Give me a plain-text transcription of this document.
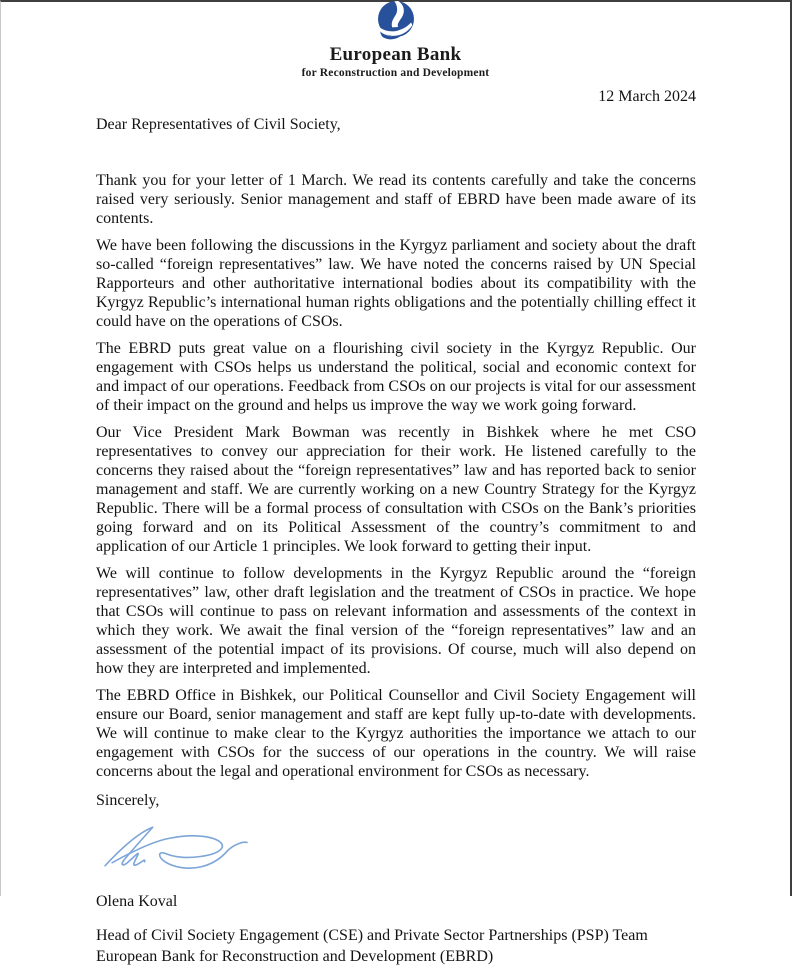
European Bank
for Reconstruction and Development
12 March 2024
Dear Representatives of Civil Society,

Thank you for your letter of 1 March. We read its contents carefully and take the concerns raised very seriously. Senior management and staff of EBRD have been made aware of its contents.

We have been following the discussions in the Kyrgyz parliament and society about the draft so-called “foreign representatives” law. We have noted the concerns raised by UN Special Rapporteurs and other authoritative international bodies about its compatibility with the Kyrgyz Republic’s international human rights obligations and the potentially chilling effect it could have on the operations of CSOs.

The EBRD puts great value on a flourishing civil society in the Kyrgyz Republic. Our engagement with CSOs helps us understand the political, social and economic context for and impact of our operations. Feedback from CSOs on our projects is vital for our assessment of their impact on the ground and helps us improve the way we work going forward.

Our Vice President Mark Bowman was recently in Bishkek where he met CSO representatives to convey our appreciation for their work. He listened carefully to the concerns they raised about the “foreign representatives” law and has reported back to senior management and staff. We are currently working on a new Country Strategy for the Kyrgyz Republic. There will be a formal process of consultation with CSOs on the Bank’s priorities going forward and on its Political Assessment of the country’s commitment to and application of our Article 1 principles. We look forward to getting their input.

We will continue to follow developments in the Kyrgyz Republic around the “foreign representatives” law, other draft legislation and the treatment of CSOs in practice. We hope that CSOs will continue to pass on relevant information and assessments of the context in which they work. We await the final version of the “foreign representatives” law and an assessment of the potential impact of its provisions. Of course, much will also depend on how they are interpreted and implemented.

The EBRD Office in Bishkek, our Political Counsellor and Civil Society Engagement will ensure our Board, senior management and staff are kept fully up-to-date with developments. We will continue to make clear to the Kyrgyz authorities the importance we attach to our engagement with CSOs for the success of our operations in the country. We will raise concerns about the legal and operational environment for CSOs as necessary.

Sincerely,
Olena Koval
Head of Civil Society Engagement (CSE) and Private Sector Partnerships (PSP) Team
European Bank for Reconstruction and Development (EBRD)
